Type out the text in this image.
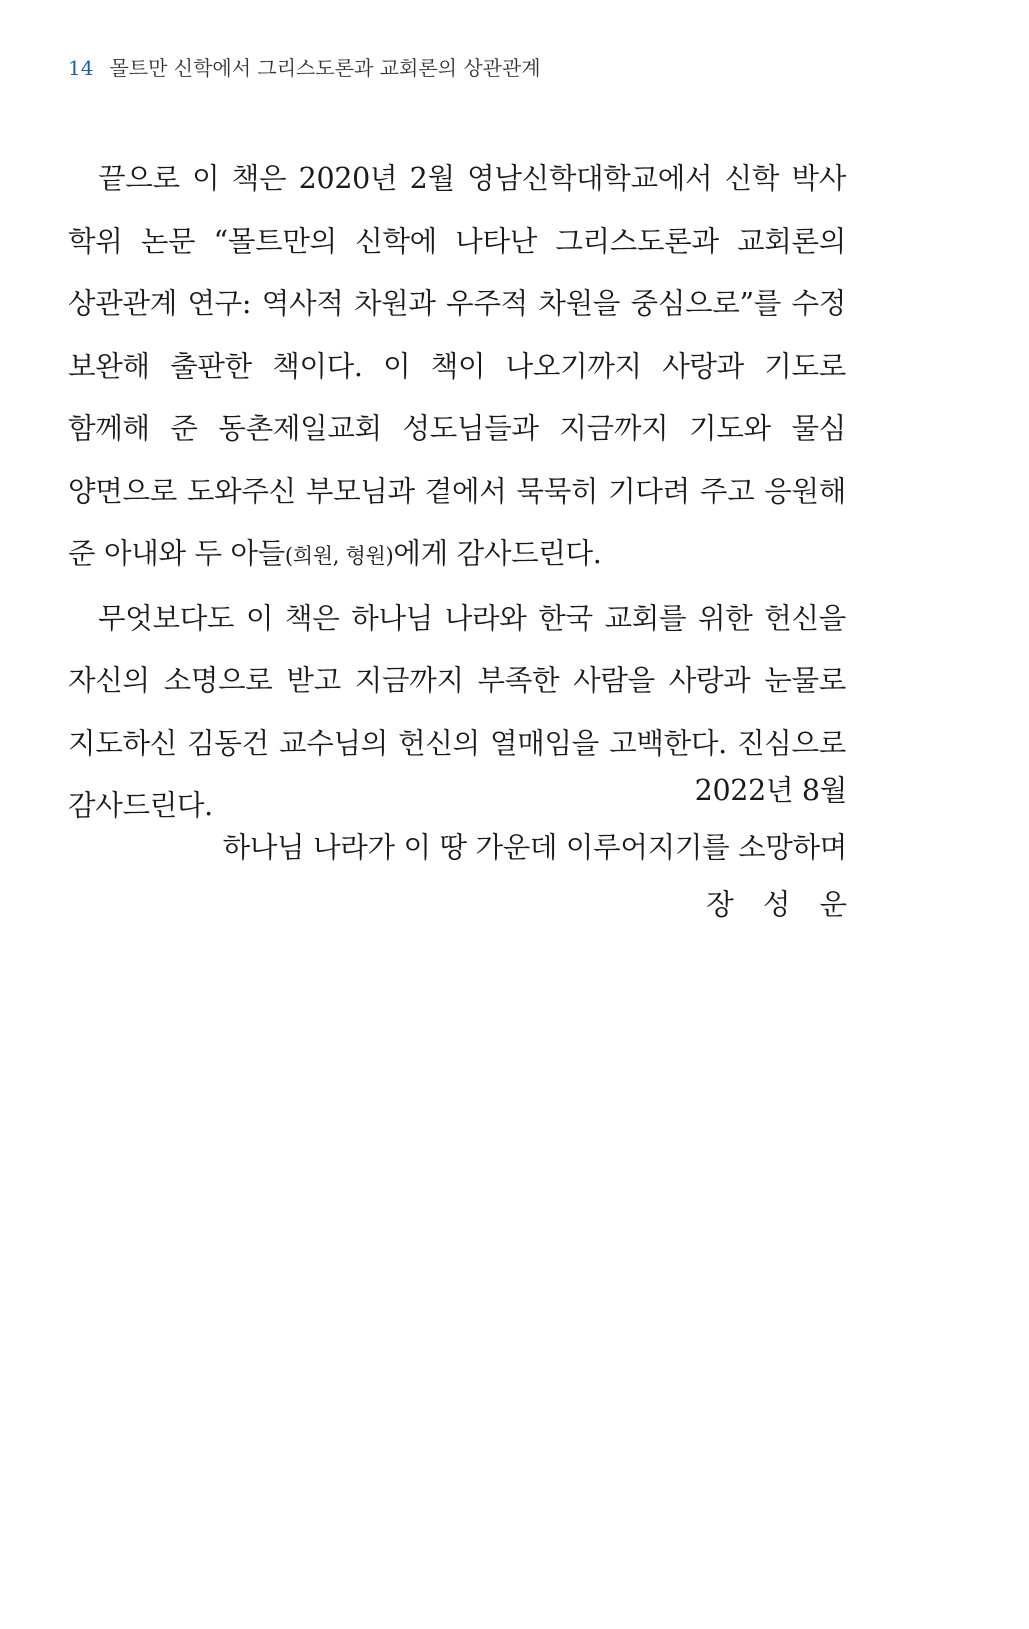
14 몰트만 신학에서 그리스도론과 교회론의 상관관계

끝으로 이 책은 2020년 2월 영남신학대학교에서 신학 박사 학위 논문 “몰트만의 신학에 나타난 그리스도론과 교회론의 상관관계 연구: 역사적 차원과 우주적 차원을 중심으로”를 수정 보완해 출판한 책이다. 이 책이 나오기까지 사랑과 기도로 함께해 준 동촌제일교회 성도님들과 지금까지 기도와 물심 양면으로 도와주신 부모님과 곁에서 묵묵히 기다려 주고 응원해 준 아내와 두 아들(희원, 형원)에게 감사드린다.

무엇보다도 이 책은 하나님 나라와 한국 교회를 위한 헌신을 자신의 소명으로 받고 지금까지 부족한 사람을 사랑과 눈물로 지도하신 김동건 교수님의 헌신의 열매임을 고백한다. 진심으로 감사드린다.	2022년 8월
하나님 나라가 이 땅 가운데 이루어지기를 소망하며
장 성 운
